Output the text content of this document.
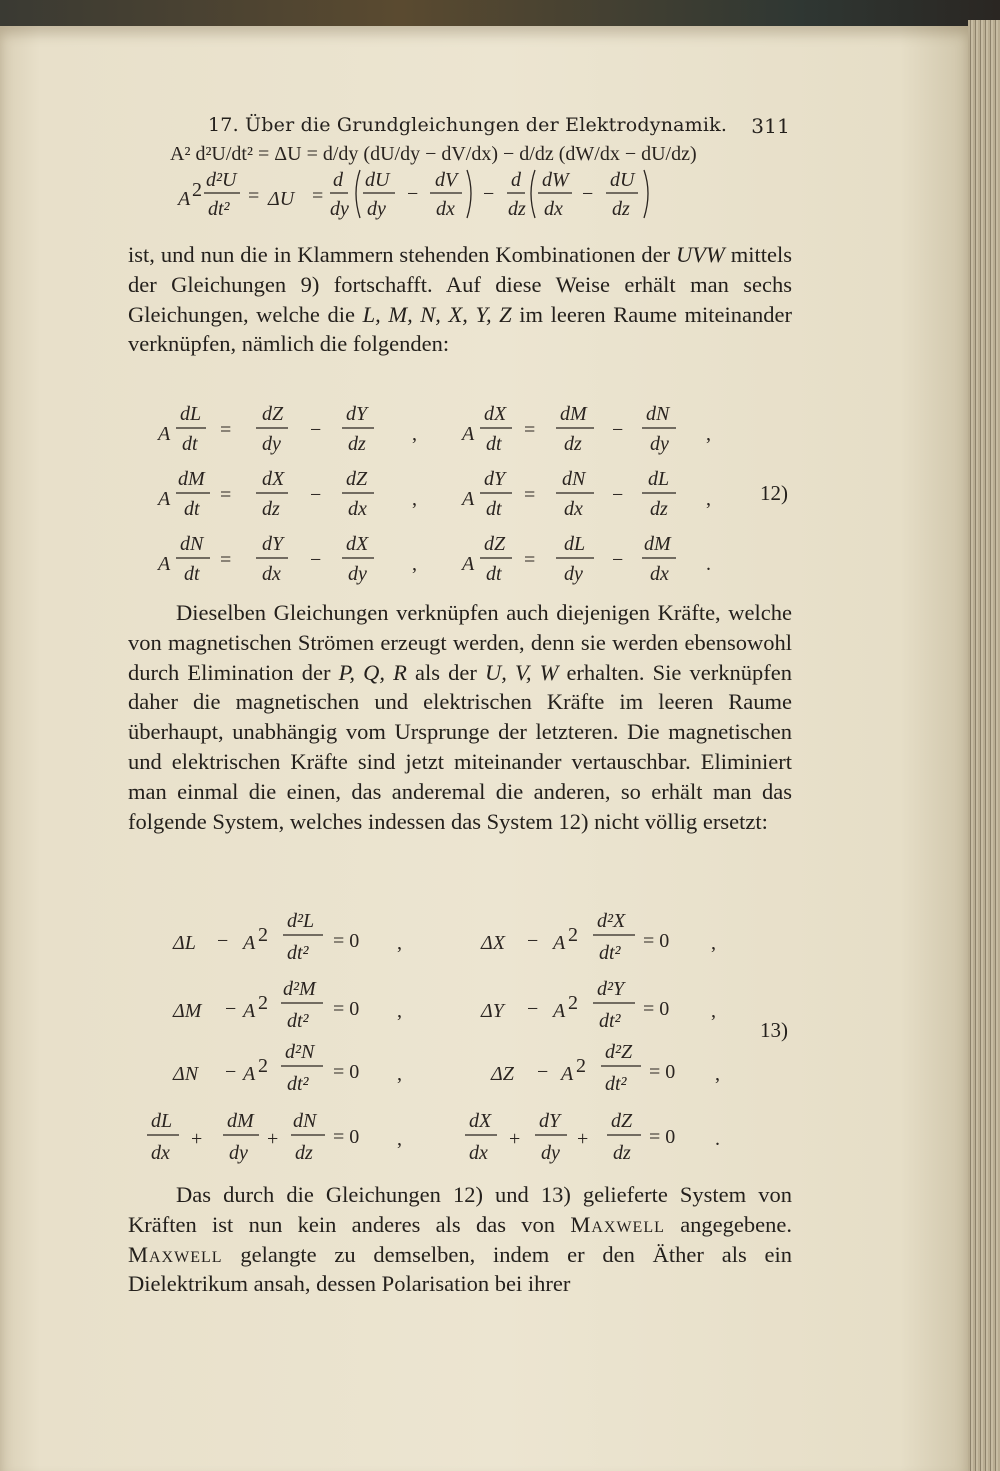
17. Über die Grundgleichungen der Elektrodynamik. 311
A 2 d²U
dt²
= ΔU =
d
dy
dU
dy
−
dV
dx
−
d
dz
dW
dx
−
dU
dz
A² d²U/dt² = ΔU = d/dy (dU/dy − dV/dx) − d/dz (dW/dx − dU/dz)

ist, und nun die in Klammern stehenden Kombinationen der UVW mittels der Gleichungen 9) fortschafft. Auf diese Weise erhält man sechs Gleichungen, welche die L, M, N, X, Y, Z im leeren Raume miteinander verknüpfen, nämlich die folgenden:

A
dL
dt
=
dZ
dy
−
dY
dz , A
dX
dt
=
dM
dz
−
dN
dy ,
A
dM
dt
=
dX
dz
−
dZ
dx , A
dY
dt
=
dN
dx
−
dL
dz ,
A
dN
dt
=
dY
dx
−
dX
dy , A
dZ
dt
=
dL
dy
−
dM
dx .
12)

Dieselben Gleichungen verknüpfen auch diejenigen Kräfte, welche von magnetischen Strömen erzeugt werden, denn sie werden ebensowohl durch Elimination der P, Q, R als der U, V, W erhalten. Sie verknüpfen daher die magnetischen und elektrischen Kräfte im leeren Raume überhaupt, unabhängig vom Ursprunge der letzteren. Die magnetischen und elektrischen Kräfte sind jetzt miteinander vertauschbar. Eliminiert man einmal die einen, das anderemal die anderen, so erhält man das folgende System, welches indessen das System 12) nicht völlig ersetzt:

ΔL − A 2
d²L
dt²
= 0 ,	ΔX − A 2
d²X
dt²
= 0 ,
ΔM − A 2
d²M
dt²
= 0 ,	ΔY − A 2
d²Y
dt²
= 0 ,
ΔN − A 2
d²N
dt²
= 0 ,	ΔZ − A 2
d²Z
dt²
= 0 ,
dL
dx
+
dM
dy
+
dN
dz
= 0 ,
dX
dx
+
dY
dy
+
dZ
dz
= 0 .
13)

Das durch die Gleichungen 12) und 13) gelieferte System von Kräften ist nun kein anderes als das von Maxwell angegebene. Maxwell gelangte zu demselben, indem er den Äther als ein Dielektrikum ansah, dessen Polarisation bei ihrer
